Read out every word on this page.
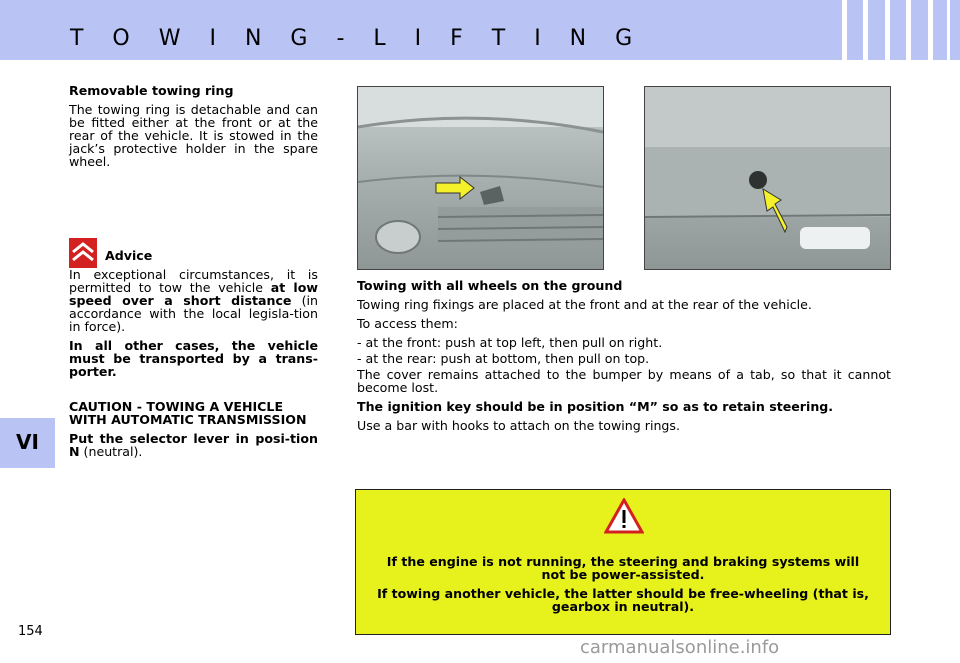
T O W I N G - L I F T I N G
VI
154

Removable towing ring

The towing ring is detachable and can be fitted either at the front or at the rear of the vehicle. It is stowed in the jack’s protective holder in the spare wheel.

Advice

In exceptional circumstances, it is permitted to tow the vehicle at low speed over a short distance (in accordance with the local legisla-tion in force).

In all other cases, the vehicle must be transported by a trans-porter.

CAUTION - TOWING A VEHICLE WITH AUTOMATIC TRANSMISSION

Put the selector lever in posi-tion N (neutral).

Towing with all wheels on the ground

Towing ring fixings are placed at the front and at the rear of the vehicle.

To access them:

- at the front: push at top left, then pull on right.

- at the rear: push at bottom, then pull on top.

The cover remains attached to the bumper by means of a tab, so that it cannot become lost.

The ignition key should be in position “M” so as to retain steering.

Use a bar with hooks to attach on the towing rings.

If the engine is not running, the steering and braking systems will not be power-assisted.

If towing another vehicle, the latter should be free-wheeling (that is, gearbox in neutral).

carmanualsonline.info
